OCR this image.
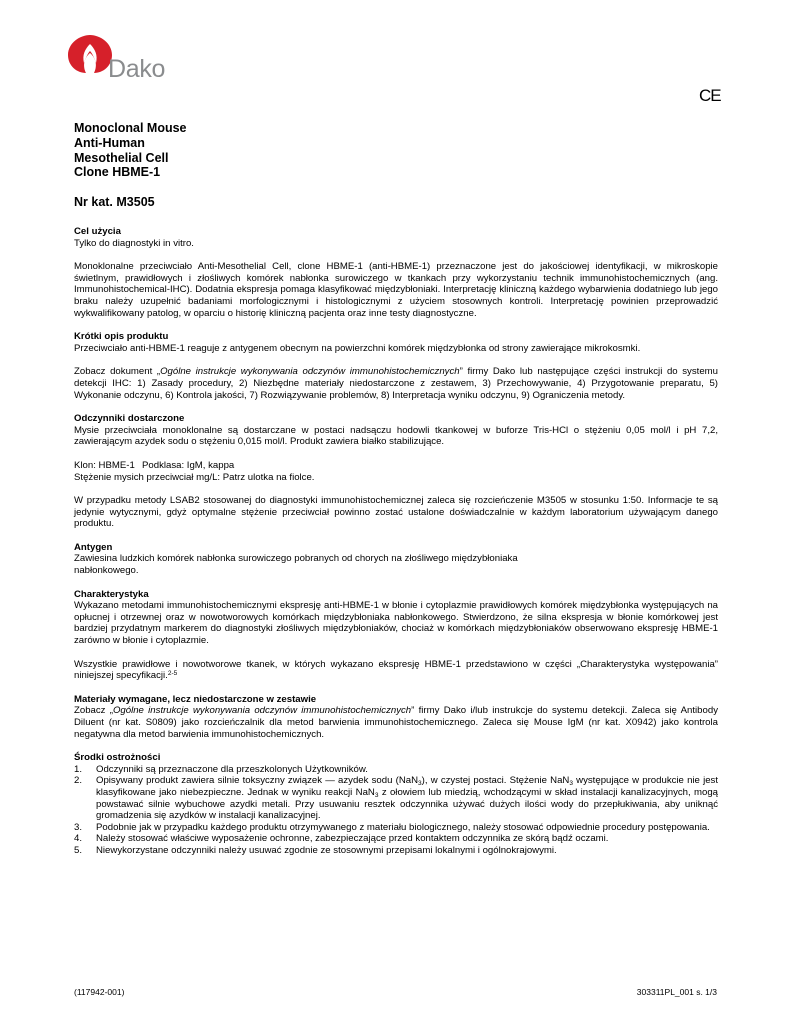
Dako
CE
Monoclonal Mouse
Anti-Human
Mesothelial Cell
Clone HBME-1
Nr kat. M3505
Cel użycia

Tylko do diagnostyki in vitro.

Monoklonalne przeciwciało Anti-Mesothelial Cell, clone HBME-1 (anti-HBME-1) przeznaczone jest do jakościowej identyfikacji, w mikroskopie świetlnym, prawidłowych i złośliwych komórek nabłonka surowiczego w tkankach przy wykorzystaniu technik immunohistochemicznych (ang. Immunohistochemical-IHC). Dodatnia ekspresja pomaga klasyfikować międzybłoniaki. Interpretację kliniczną każdego wybarwienia dodatniego lub jego braku należy uzupełnić badaniami morfologicznymi i histologicznymi z użyciem stosownych kontroli. Interpretację powinien przeprowadzić wykwalifikowany patolog, w oparciu o historię kliniczną pacjenta oraz inne testy diagnostyczne.

Krótki opis produktu

Przeciwciało anti-HBME-1 reaguje z antygenem obecnym na powierzchni komórek międzybłonka od strony zawierające mikrokosmki.

Zobacz dokument „Ogólne instrukcje wykonywania odczynów immunohistochemicznych” firmy Dako lub następujące części instrukcji do systemu detekcji IHC: 1) Zasady procedury, 2) Niezbędne materiały niedostarczone z zestawem, 3) Przechowywanie, 4) Przygotowanie preparatu, 5) Wykonanie odczynu, 6) Kontrola jakości, 7) Rozwiązywanie problemów, 8) Interpretacja wyniku odczynu, 9) Ograniczenia metody.

Odczynniki dostarczone

Mysie przeciwciała monoklonalne są dostarczane w postaci nadsączu hodowli tkankowej w buforze Tris-HCl o stężeniu 0,05 mol/l i pH 7,2, zawierającym azydek sodu o stężeniu 0,015 mol/l. Produkt zawiera białko stabilizujące.

Klon: HBME-1 Podklasa: IgM, kappa

Stężenie mysich przeciwciał mg/L: Patrz ulotka na fiolce.

W przypadku metody LSAB2 stosowanej do diagnostyki immunohistochemicznej zaleca się rozcieńczenie M3505 w stosunku 1:50. Informacje te są jedynie wytycznymi, gdyż optymalne stężenie przeciwciał powinno zostać ustalone doświadczalnie w każdym laboratorium używającym danego produktu.

Antygen

Zawiesina ludzkich komórek nabłonka surowiczego pobranych od chorych na złośliwego międzybłoniaka

nabłonkowego.

Charakterystyka

Wykazano metodami immunohistochemicznymi ekspresję anti-HBME-1 w błonie i cytoplazmie prawidłowych komórek międzybłonka występujących na opłucnej i otrzewnej oraz w nowotworowych komórkach międzybłoniaka nabłonkowego. Stwierdzono, że silna ekspresja w błonie komórkowej jest bardziej przydatnym markerem do diagnostyki złośliwych międzybłoniaków, chociaż w komórkach międzybłoniaków obserwowano ekspresję HBME-1 zarówno w błonie i cytoplazmie.

Wszystkie prawidłowe i nowotworowe tkanek, w których wykazano ekspresję HBME-1 przedstawiono w części „Charakterystyka występowania” niniejszej specyfikacji.$^{2-5}$

Materiały wymagane, lecz niedostarczone w zestawie

Zobacz „Ogólne instrukcje wykonywania odczynów immunohistochemicznych” firmy Dako i/lub instrukcje do systemu detekcji. Zaleca się Antibody Diluent (nr kat. S0809) jako rozcieńczalnik dla metod barwienia immunohistochemicznego. Zaleca się Mouse IgM (nr kat. X0942) jako kontrola negatywna dla metod barwienia immunohistochemicznych.

Środki ostrożności
1. Odczynniki są przeznaczone dla przeszkolonych Użytkowników.
2. Opisywany produkt zawiera silnie toksyczny związek — azydek sodu (NaN$_3$), w czystej postaci. Stężenie NaN$_3$ występujące w produkcie nie jest klasyfikowane jako niebezpieczne. Jednak w wyniku reakcji NaN$_3$ z ołowiem lub miedzią, wchodzącymi w skład instalacji kanalizacyjnych, mogą powstawać silnie wybuchowe azydki metali. Przy usuwaniu resztek odczynnika używać dużych ilości wody do przepłukiwania, aby uniknąć gromadzenia się azydków w instalacji kanalizacyjnej.
3. Podobnie jak w przypadku każdego produktu otrzymywanego z materiału biologicznego, należy stosować odpowiednie procedury postępowania.
4. Należy stosować właściwe wyposażenie ochronne, zabezpieczające przed kontaktem odczynnika ze skórą bądź oczami.
5. Niewykorzystane odczynniki należy usuwać zgodnie ze stosownymi przepisami lokalnymi i ogólnokrajowymi.
(117942-001)	303311PL_001 s. 1/3
